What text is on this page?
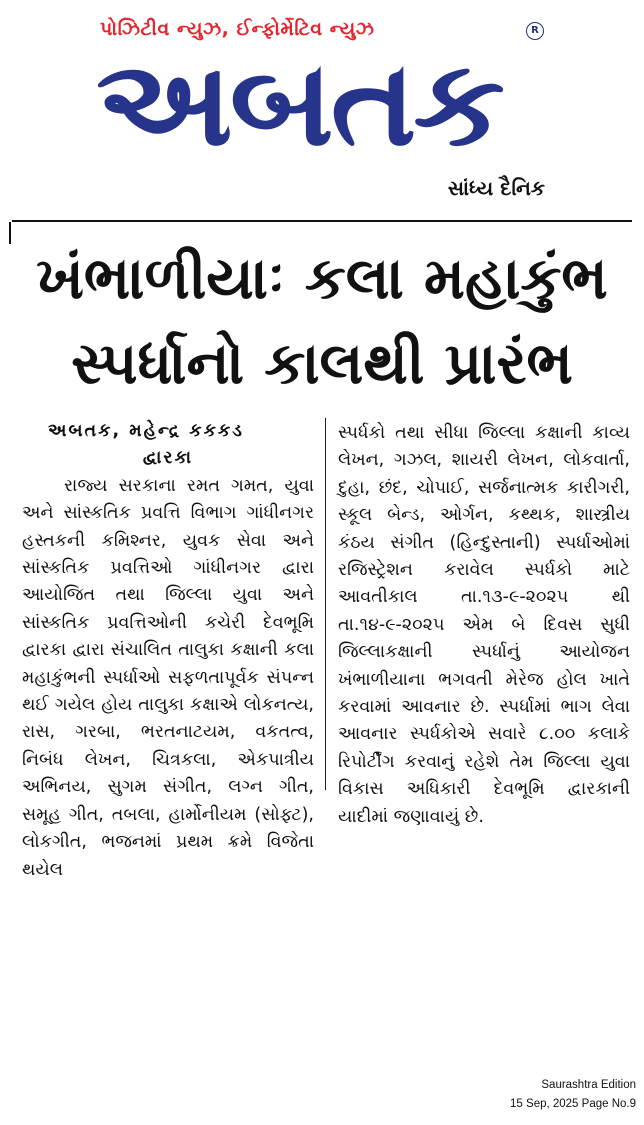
પોઝિટીવ ન્યુઝ, ઈન્ફોર્મેટિવ ન્યુઝ	R
અબતક
સાંધ્ય દૈનિક
ખંભાળીયાઃ કલા મહાકુંભ
સ્પર્ધાનો કાલથી પ્રારંભ
અબતક, મહેન્દ્ર કકકડ
દ્વારકા
રાજ્ય સરકાના રમત ગમત, યુવા અને સાંસ્કતિક પ્રવત્તિ વિભાગ ગાંધીનગર હસ્તકની કમિશ્નર, યુવક સેવા અને સાંસ્કતિક પ્રવત્તિઓ ગાંધીનગર દ્વારા આયોજિત તથા જિલ્લા યુવા અને સાંસ્કતિક પ્રવત્તિઓની કચેરી દેવભૂમિ દ્વારકા દ્વારા સંચાલિત તાલુકા કક્ષાની કલા મહાકુંભની સ્પર્ધાઓ સફળતાપૂર્વક સંપન્ન થઈ ગયેલ હોય તાલુકા કક્ષાએ લોકનત્ય, રાસ, ગરબા, ભરતનાટયમ, વકતત્વ, નિબંધ લેખન, ચિત્રકલા, એકપાત્રીય અભિનય, સુગમ સંગીત, લગ્ન ગીત, સમૂહ ગીત, તબલા, હાર્મોનીયમ (સોફ્ટ), લોકગીત, ભજનમાં પ્રથમ ક્રમે વિજેતા થયેલ
સ્પર્ધકો તથા સીધા જિલ્લા કક્ષાની કાવ્ય લેખન, ગઝલ, શાયરી લેખન, લોકવાર્તા, દુહા, છંદ, ચોપાઈ, સર્જનાત્મક કારીગરી, સ્કૂલ બેન્ડ, ઓર્ગન, કથ્થક, શાસ્ત્રીય કંઠય સંગીત (હિન્દુસ્તાની) સ્પર્ધાઓમાં રજિસ્ટ્રેશન કરાવેલ સ્પર્ધકો માટે આવતીકાલ તા.૧૩-૯-૨૦૨૫ થી તા.૧૪-૯-૨૦૨૫ એમ બે દિવસ સુધી જિલ્લાકક્ષાની સ્પર્ધાનું આયોજન ખંભાળીયાના ભગવતી મેરેજ હોલ ખાતે કરવામાં આવનાર છે. સ્પર્ધામાં ભાગ લેવા આવનાર સ્પર્ધકોએ સવારે ૮.૦૦ કલાકે રિપોર્ટીંગ કરવાનું રહેશે તેમ જિલ્લા યુવા વિકાસ અધિકારી દેવભૂમિ દ્વારકાની યાદીમાં જણાવાયું છે.
Saurashtra Edition
15 Sep, 2025 Page No.9
